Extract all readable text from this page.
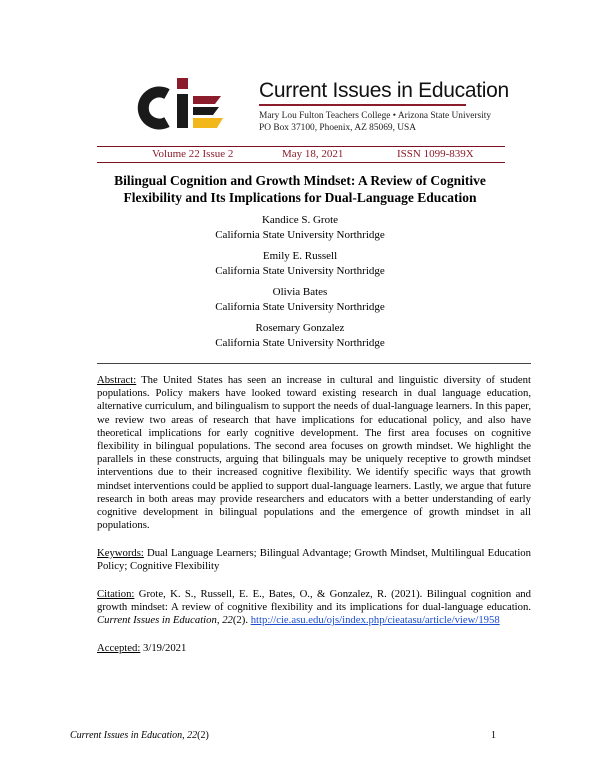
Current Issues in Education
Mary Lou Fulton Teachers College • Arizona State University
PO Box 37100, Phoenix, AZ 85069, USA
Volume 22 Issue 2	May 18, 2021	ISSN 1099-839X
Bilingual Cognition and Growth Mindset: A Review of Cognitive
Flexibility and Its Implications for Dual-Language Education
Kandice S. Grote
California State University Northridge
Emily E. Russell
California State University Northridge
Olivia Bates
California State University Northridge
Rosemary Gonzalez
California State University Northridge
Abstract: The United States has seen an increase in cultural and linguistic diversity of student populations. Policy makers have looked toward existing research in dual language education, alternative curriculum, and bilingualism to support the needs of dual-language learners. In this paper, we review two areas of research that have implications for educational policy, and also have theoretical implications for early cognitive development. The first area focuses on cognitive flexibility in bilingual populations. The second area focuses on growth mindset. We highlight the parallels in these constructs, arguing that bilinguals may be uniquely receptive to growth mindset interventions due to their increased cognitive flexibility. We identify specific ways that growth mindset interventions could be applied to support dual-language learners. Lastly, we argue that future research in both areas may provide researchers and educators with a better understanding of early cognitive development in bilingual populations and the emergence of growth mindset in all populations.
Keywords: Dual Language Learners; Bilingual Advantage; Growth Mindset, Multilingual Education Policy; Cognitive Flexibility
Citation: Grote, K. S., Russell, E. E., Bates, O., & Gonzalez, R. (2021). Bilingual cognition and growth mindset: A review of cognitive flexibility and its implications for dual-language education. Current Issues in Education, 22(2). http://cie.asu.edu/ojs/index.php/cieatasu/article/view/1958
Accepted: 3/19/2021
Current Issues in Education, 22(2)	1
